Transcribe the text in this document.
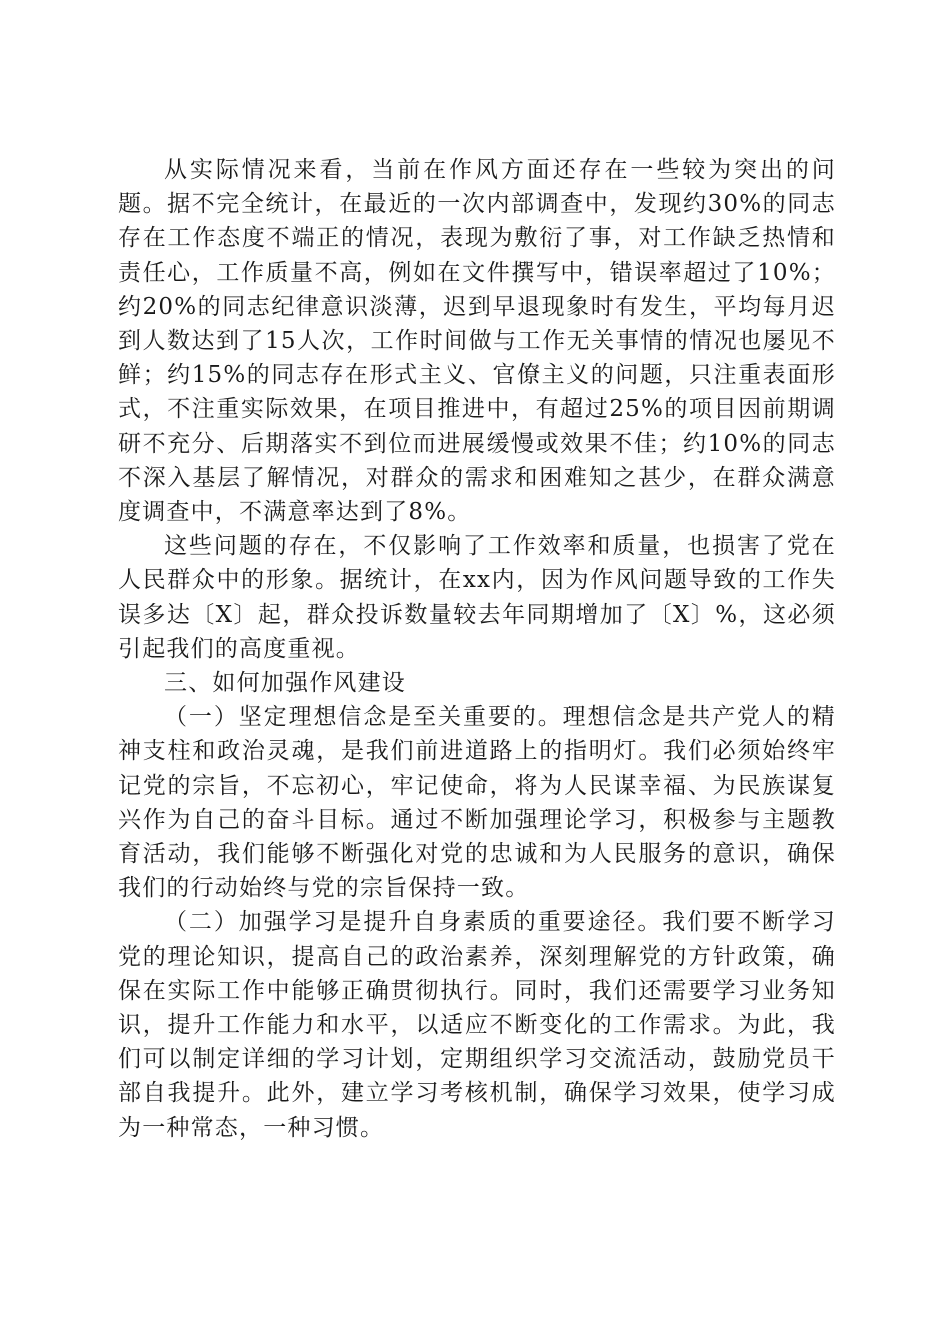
从实际情况来看，当前在作风方面还存在一些较为突出的问题。据不完全统计，在最近的一次内部调查中，发现约30%的同志存在工作态度不端正的情况，表现为敷衍了事，对工作缺乏热情和责任心，工作质量不高，例如在文件撰写中，错误率超过了10%；约20%的同志纪律意识淡薄，迟到早退现象时有发生，平均每月迟到人数达到了15人次，工作时间做与工作无关事情的情况也屡见不鲜；约15%的同志存在形式主义、官僚主义的问题，只注重表面形式，不注重实际效果，在项目推进中，有超过25%的项目因前期调研不充分、后期落实不到位而进展缓慢或效果不佳；约10%的同志不深入基层了解情况，对群众的需求和困难知之甚少，在群众满意度调查中，不满意率达到了8%。

这些问题的存在，不仅影响了工作效率和质量，也损害了党在人民群众中的形象。据统计，在xx内，因为作风问题导致的工作失误多达〔X〕起，群众投诉数量较去年同期增加了〔X〕%，这必须引起我们的高度重视。

三、如何加强作风建设

（一）坚定理想信念是至关重要的。理想信念是共产党人的精神支柱和政治灵魂，是我们前进道路上的指明灯。我们必须始终牢记党的宗旨，不忘初心，牢记使命，将为人民谋幸福、为民族谋复兴作为自己的奋斗目标。通过不断加强理论学习，积极参与主题教育活动，我们能够不断强化对党的忠诚和为人民服务的意识，确保我们的行动始终与党的宗旨保持一致。

（二）加强学习是提升自身素质的重要途径。我们要不断学习党的理论知识，提高自己的政治素养，深刻理解党的方针政策，确保在实际工作中能够正确贯彻执行。同时，我们还需要学习业务知识，提升工作能力和水平，以适应不断变化的工作需求。为此，我们可以制定详细的学习计划，定期组织学习交流活动，鼓励党员干部自我提升。此外，建立学习考核机制，确保学习效果，使学习成为一种常态，一种习惯。
